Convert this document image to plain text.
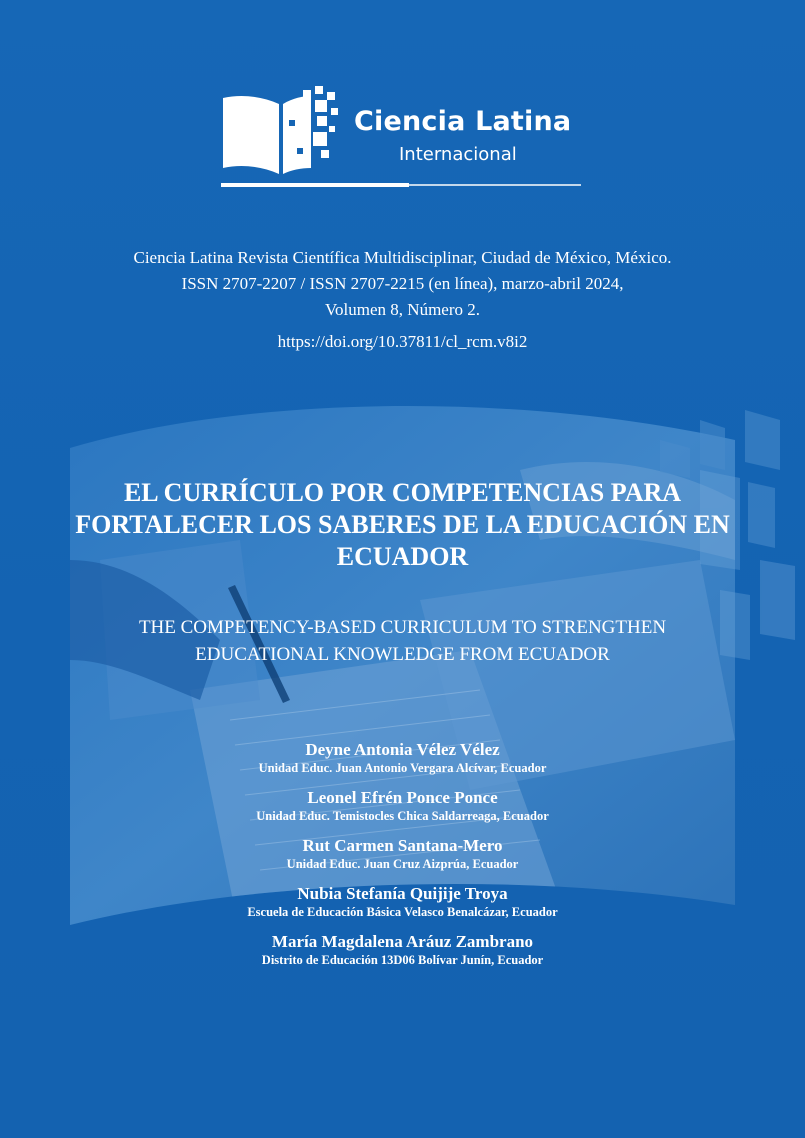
Ciencia Latina
Internacional
Ciencia Latina Revista Científica Multidisciplinar, Ciudad de México, México.
ISSN 2707-2207 / ISSN 2707-2215 (en línea), marzo-abril 2024,
Volumen 8, Número 2.
https://doi.org/10.37811/cl_rcm.v8i2
EL CURRÍCULO POR COMPETENCIAS PARA FORTALECER LOS SABERES DE LA EDUCACIÓN EN ECUADOR
THE COMPETENCY-BASED CURRICULUM TO STRENGTHEN EDUCATIONAL KNOWLEDGE FROM ECUADOR
Deyne Antonia Vélez Vélez
Unidad Educ. Juan Antonio Vergara Alcívar, Ecuador
Leonel Efrén Ponce Ponce
Unidad Educ. Temistocles Chica Saldarreaga, Ecuador
Rut Carmen Santana-Mero
Unidad Educ. Juan Cruz Aizprúa, Ecuador
Nubia Stefanía Quijije Troya
Escuela de Educación Básica Velasco Benalcázar, Ecuador
María Magdalena Aráuz Zambrano
Distrito de Educación 13D06 Bolívar Junín, Ecuador
